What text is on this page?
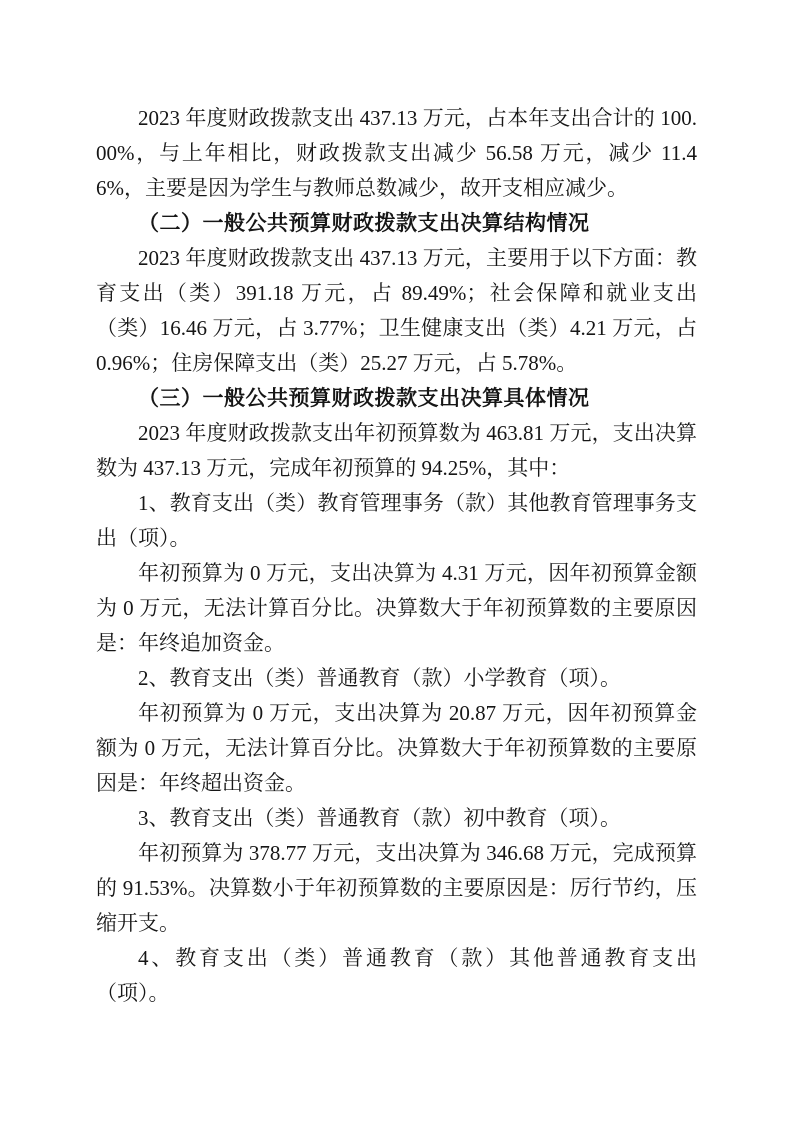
2023 年度财政拨款支出 437.13 万元，占本年支出合计的 100.00%，与上年相比，财政拨款支出减少 56.58 万元，减少 11.46%，主要是因为学生与教师总数减少，故开支相应减少。

（二）一般公共预算财政拨款支出决算结构情况

2023 年度财政拨款支出 437.13 万元，主要用于以下方面：教育支出（类）391.18 万元，占 89.49%；社会保障和就业支出（类）16.46 万元，占 3.77%；卫生健康支出（类）4.21 万元，占 0.96%；住房保障支出（类）25.27 万元，占 5.78%。

（三）一般公共预算财政拨款支出决算具体情况

2023 年度财政拨款支出年初预算数为 463.81 万元，支出决算数为 437.13 万元，完成年初预算的 94.25%，其中：

1、教育支出（类）教育管理事务（款）其他教育管理事务支出（项）。

年初预算为 0 万元，支出决算为 4.31 万元，因年初预算金额为 0 万元，无法计算百分比。决算数大于年初预算数的主要原因是：年终追加资金。

2、教育支出（类）普通教育（款）小学教育（项）。

年初预算为 0 万元，支出决算为 20.87 万元，因年初预算金额为 0 万元，无法计算百分比。决算数大于年初预算数的主要原因是：年终超出资金。

3、教育支出（类）普通教育（款）初中教育（项）。

年初预算为 378.77 万元，支出决算为 346.68 万元，完成预算的 91.53%。决算数小于年初预算数的主要原因是：厉行节约，压缩开支。

4、教育支出（类）普通教育（款）其他普通教育支出（项）。
